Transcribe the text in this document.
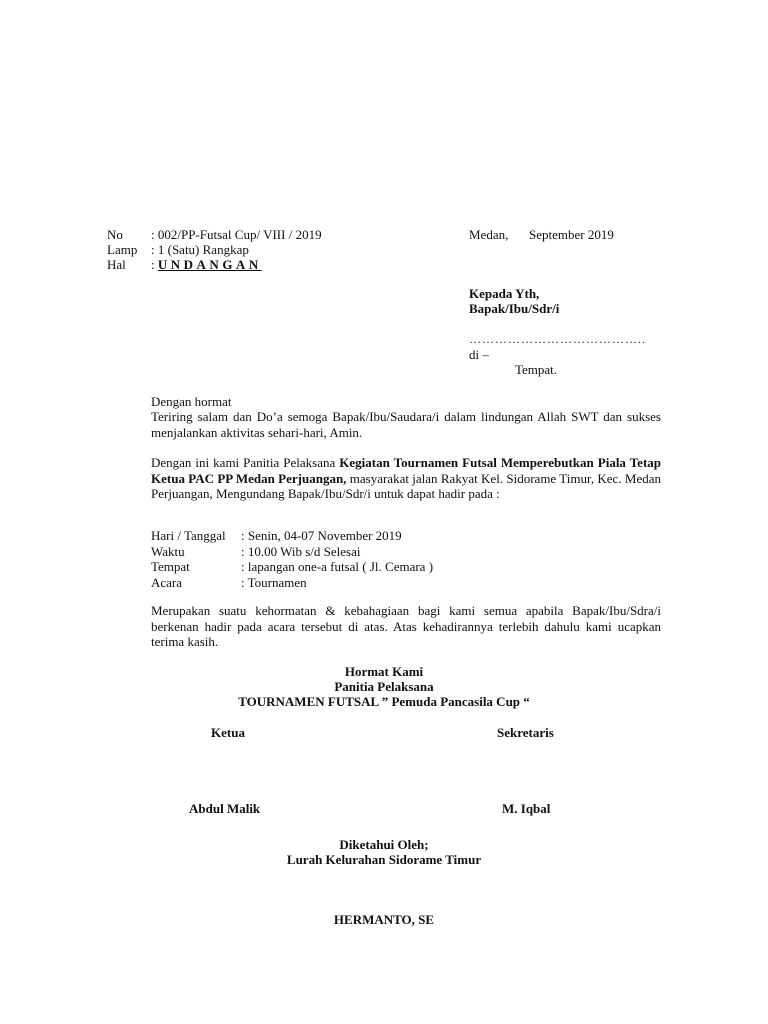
No : 002/PP-Futsal Cup/ VIII / 2019
Lamp : 1 (Satu) Rangkap
Hal : UNDANGAN
Medan, September 2019
Kepada Yth,
Bapak/Ibu/Sdr/i
…………………………………..
di –
Tempat.
Dengan hormat
Teriring salam dan Do’a semoga Bapak/Ibu/Saudara/i dalam lindungan Allah SWT dan sukses menjalankan aktivitas sehari-hari, Amin.
Dengan ini kami Panitia Pelaksana Kegiatan Tournamen Futsal Memperebutkan Piala Tetap Ketua PAC PP Medan Perjuangan, masyarakat jalan Rakyat Kel. Sidorame Timur, Kec. Medan Perjuangan, Mengundang Bapak/Ibu/Sdr/i untuk dapat hadir pada :
Hari / Tanggal	: Senin, 04-07 November 2019
Waktu	: 10.00 Wib s/d Selesai
Tempat	: lapangan one-a futsal ( Jl. Cemara )
Acara	: Tournamen
Merupakan suatu kehormatan & kebahagiaan bagi kami semua apabila Bapak/Ibu/Sdra/i berkenan hadir pada acara tersebut di atas. Atas kehadirannya terlebih dahulu kami ucapkan terima kasih.
Hormat Kami
Panitia Pelaksana
TOURNAMEN FUTSAL ” Pemuda Pancasila Cup “
Ketua	Sekretaris
Abdul Malik	M. Iqbal
Diketahui Oleh;
Lurah Kelurahan Sidorame Timur
HERMANTO, SE
